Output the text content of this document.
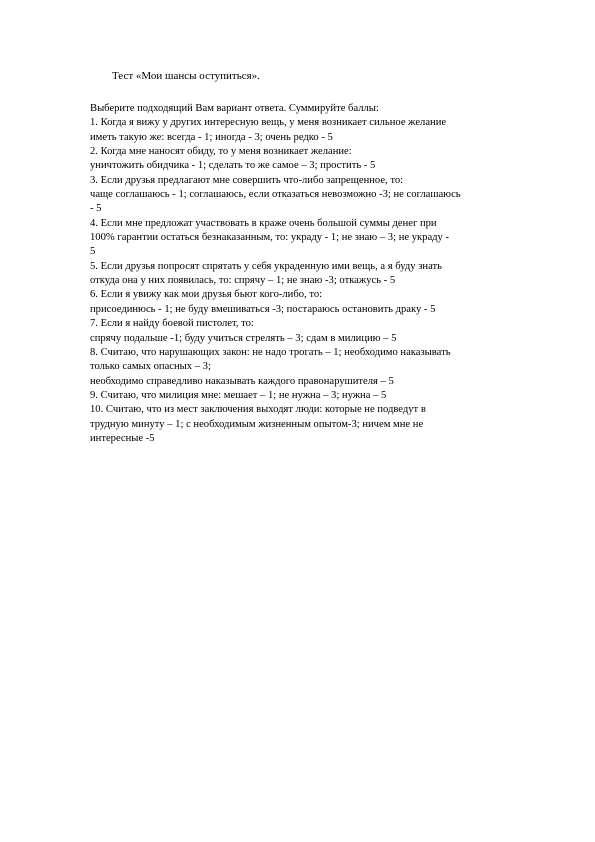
Тест «Мои шансы оступиться».
Выберите подходящий Вам вариант ответа. Суммируйте баллы:
1. Когда я вижу у других интересную вещь, у меня возникает сильное желание
иметь такую же: всегда - 1; иногда - 3; очень редко - 5
2. Когда мне наносят обиду, то у меня возникает желание:
уничтожить обидчика - 1; сделать то же самое – 3; простить - 5
3. Если друзья предлагают мне совершить что-либо запрещенное, то:
чаще соглашаюсь - 1; соглашаюсь, если отказаться невозможно -3; не соглашаюсь
- 5
4. Если мне предложат участвовать в краже очень большой суммы денег при
100% гарантии остаться безнаказанным, то: украду - 1; не знаю – 3; не украду -
5
5. Если друзья попросят спрятать у себя украденную ими вещь, а я буду знать
откуда она у них появилась, то: спрячу – 1; не знаю -3; откажусь - 5
6. Если я увижу как мои друзья бьют кого-либо, то:
присоединюсь - 1; не буду вмешиваться -3; постараюсь остановить драку - 5
7. Если я найду боевой пистолет, то:
спрячу подальше -1; буду учиться стрелять – 3; сдам в милицию – 5
8. Считаю, что нарушающих закон: не надо трогать – 1; необходимо наказывать
только самых опасных – 3;
необходимо справедливо наказывать каждого правонарушителя – 5
9. Считаю, что милиция мне: мешает – 1; не нужна – 3; нужна – 5
10. Считаю, что из мест заключения выходят люди: которые не подведут в
трудную минуту – 1; с необходимым жизненным опытом-3; ничем мне не
интересные -5
